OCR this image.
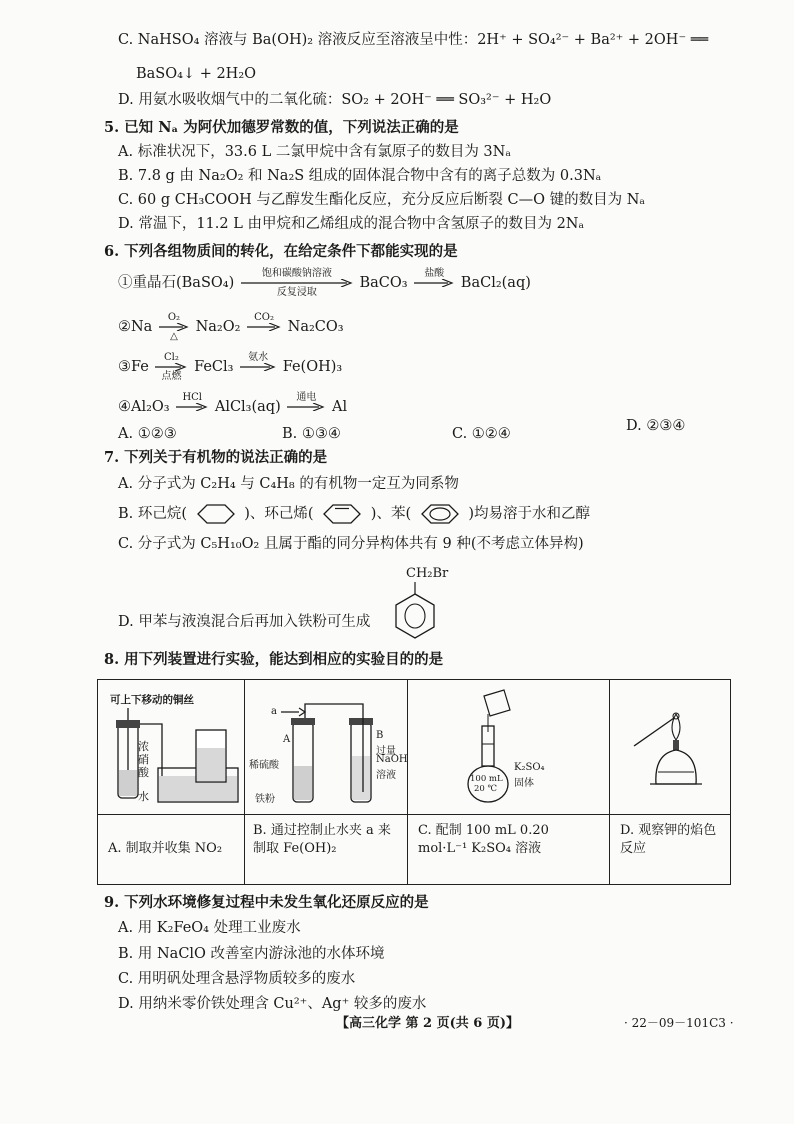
C. NaHSO₄ 溶液与 Ba(OH)₂ 溶液反应至溶液呈中性：2H⁺ + SO₄²⁻ + Ba²⁺ + 2OH⁻ ══
BaSO₄↓ + 2H₂O
D. 用氨水吸收烟气中的二氧化硫：SO₂ + 2OH⁻ ══ SO₃²⁻ + H₂O
5. 已知 Nₐ 为阿伏加德罗常数的值，下列说法正确的是
A. 标准状况下，33.6 L 二氯甲烷中含有氯原子的数目为 3Nₐ
B. 7.8 g 由 Na₂O₂ 和 Na₂S 组成的固体混合物中含有的离子总数为 0.3Nₐ
C. 60 g CH₃COOH 与乙醇发生酯化反应，充分反应后断裂 C—O 键的数目为 Nₐ
D. 常温下，11.2 L 由甲烷和乙烯组成的混合物中含氢原子的数目为 2Nₐ
6. 下列各组物质间的转化，在给定条件下都能实现的是
①重晶石(BaSO₄)
饱和碳酸钠溶液
反复浸取
BaCO₃
盐酸

BaCl₂(aq)
②Na
O₂
△
Na₂O₂
CO₂

Na₂CO₃
③Fe
Cl₂
点燃
FeCl₃
氨水

Fe(OH)₃
④Al₂O₃
HCl

AlCl₃(aq)
通电

Al
A. ①②③	B. ①③④	C. ①②④	D. ②③④
7. 下列关于有机物的说法正确的是
A. 分子式为 C₂H₄ 与 C₄H₈ 的有机物一定互为同系物
B. 环己烷(	)、环己烯(	)、苯(	)均易溶于水和乙醇
C. 分子式为 C₅H₁₀O₂ 且属于酯的同分异构体共有 9 种(不考虑立体异构)
CH₂Br
D. 甲苯与液溴混合后再加入铁粉可生成
8. 用下列装置进行实验，能达到相应的实验目的的是
可上下移动的铜丝
浓
硝
酸
水
A. 制取并收集 NO₂
a
A	B
稀硫酸
铁粉
过量
NaOH
溶液
B. 通过控制止水夹 a 来制取 Fe(OH)₂
100 mL
20 ℃
K₂SO₄
固体
C. 配制 100 mL 0.20 mol·L⁻¹ K₂SO₄ 溶液
D. 观察钾的焰色反应
9. 下列水环境修复过程中未发生氧化还原反应的是
A. 用 K₂FeO₄ 处理工业废水
B. 用 NaClO 改善室内游泳池的水体环境
C. 用明矾处理含悬浮物质较多的废水
D. 用纳米零价铁处理含 Cu²⁺、Ag⁺ 较多的废水
【高三化学 第 2 页(共 6 页)】	· 22－09－101C3 ·
